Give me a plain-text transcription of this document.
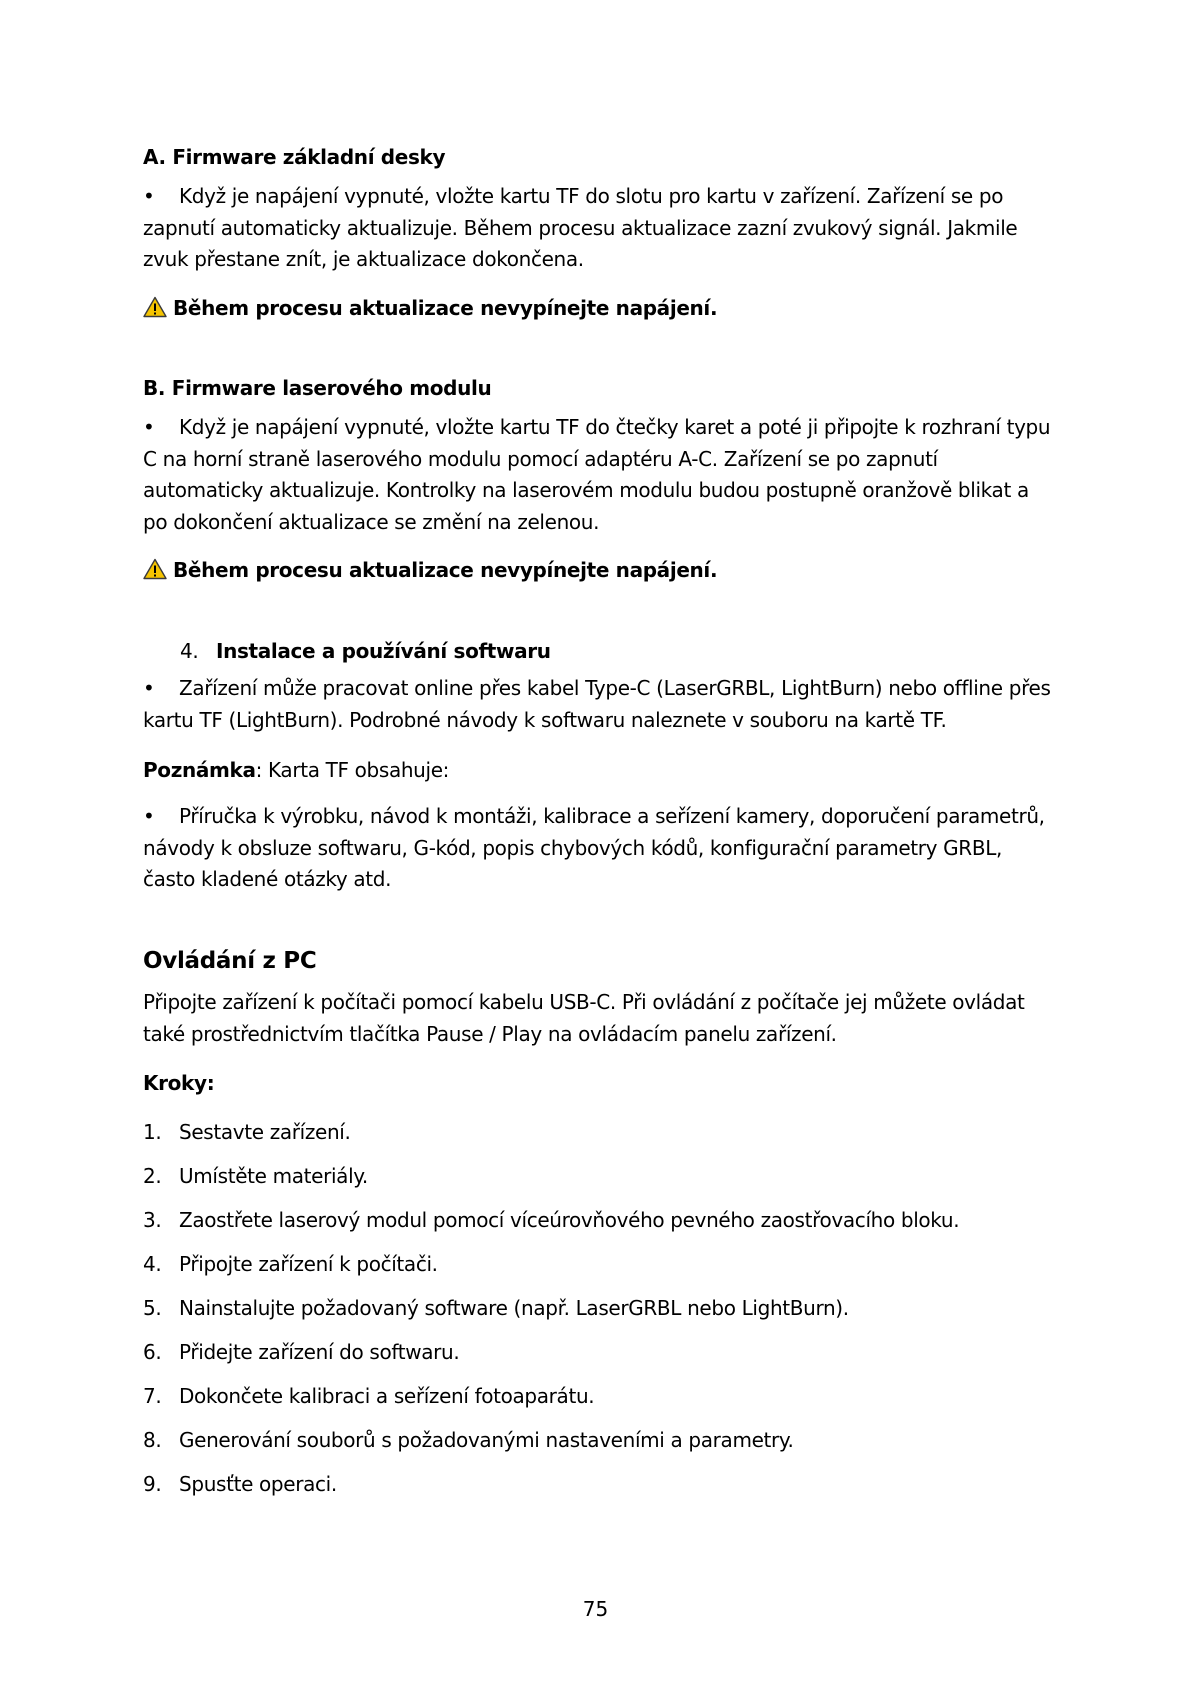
A. Firmware základní desky
• Když je napájení vypnuté, vložte kartu TF do slotu pro kartu v zařízení. Zařízení se po
zapnutí automaticky aktualizuje. Během procesu aktualizace zazní zvukový signál. Jakmile
zvuk přestane znít, je aktualizace dokončena.
Během procesu aktualizace nevypínejte napájení.
B. Firmware laserového modulu
• Když je napájení vypnuté, vložte kartu TF do čtečky karet a poté ji připojte k rozhraní typu
C na horní straně laserového modulu pomocí adaptéru A-C. Zařízení se po zapnutí
automaticky aktualizuje. Kontrolky na laserovém modulu budou postupně oranžově blikat a
po dokončení aktualizace se změní na zelenou.
Během procesu aktualizace nevypínejte napájení.
4. Instalace a používání softwaru
• Zařízení může pracovat online přes kabel Type-C (LaserGRBL, LightBurn) nebo offline přes
kartu TF (LightBurn). Podrobné návody k softwaru naleznete v souboru na kartě TF.
Poznámka: Karta TF obsahuje:
• Příručka k výrobku, návod k montáži, kalibrace a seřízení kamery, doporučení parametrů,
návody k obsluze softwaru, G-kód, popis chybových kódů, konfigurační parametry GRBL,
často kladené otázky atd.
Ovládání z PC
Připojte zařízení k počítači pomocí kabelu USB-C. Při ovládání z počítače jej můžete ovládat
také prostřednictvím tlačítka Pause / Play na ovládacím panelu zařízení.
Kroky:
1. Sestavte zařízení.
2. Umístěte materiály.
3. Zaostřete laserový modul pomocí víceúrovňového pevného zaostřovacího bloku.
4. Připojte zařízení k počítači.
5. Nainstalujte požadovaný software (např. LaserGRBL nebo LightBurn).
6. Přidejte zařízení do softwaru.
7. Dokončete kalibraci a seřízení fotoaparátu.
8. Generování souborů s požadovanými nastaveními a parametry.
9. Spusťte operaci.
75
